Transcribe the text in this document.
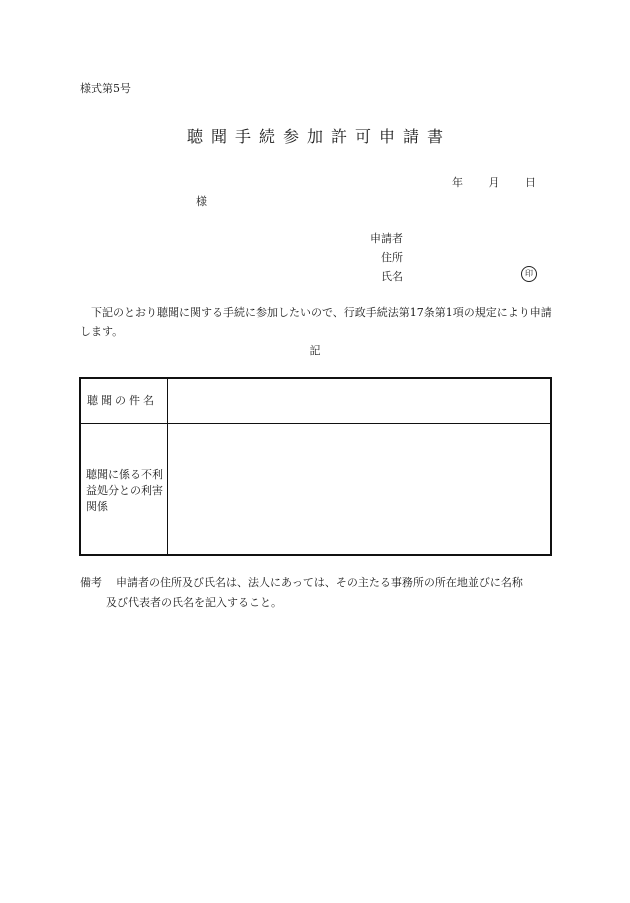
様式第5号
聴聞手続参加許可申請書
年 月 日
様
申請者
住所
氏名	印
下記のとおり聴聞に関する手続に参加したいので、行政手続法第17条第1項の規定により申請します。
記
聴聞の件名
聴聞に係る不利益処分との利害関係
備考 申請者の住所及び氏名は、法人にあっては、その主たる事務所の所在地並びに名称
及び代表者の氏名を記入すること。
